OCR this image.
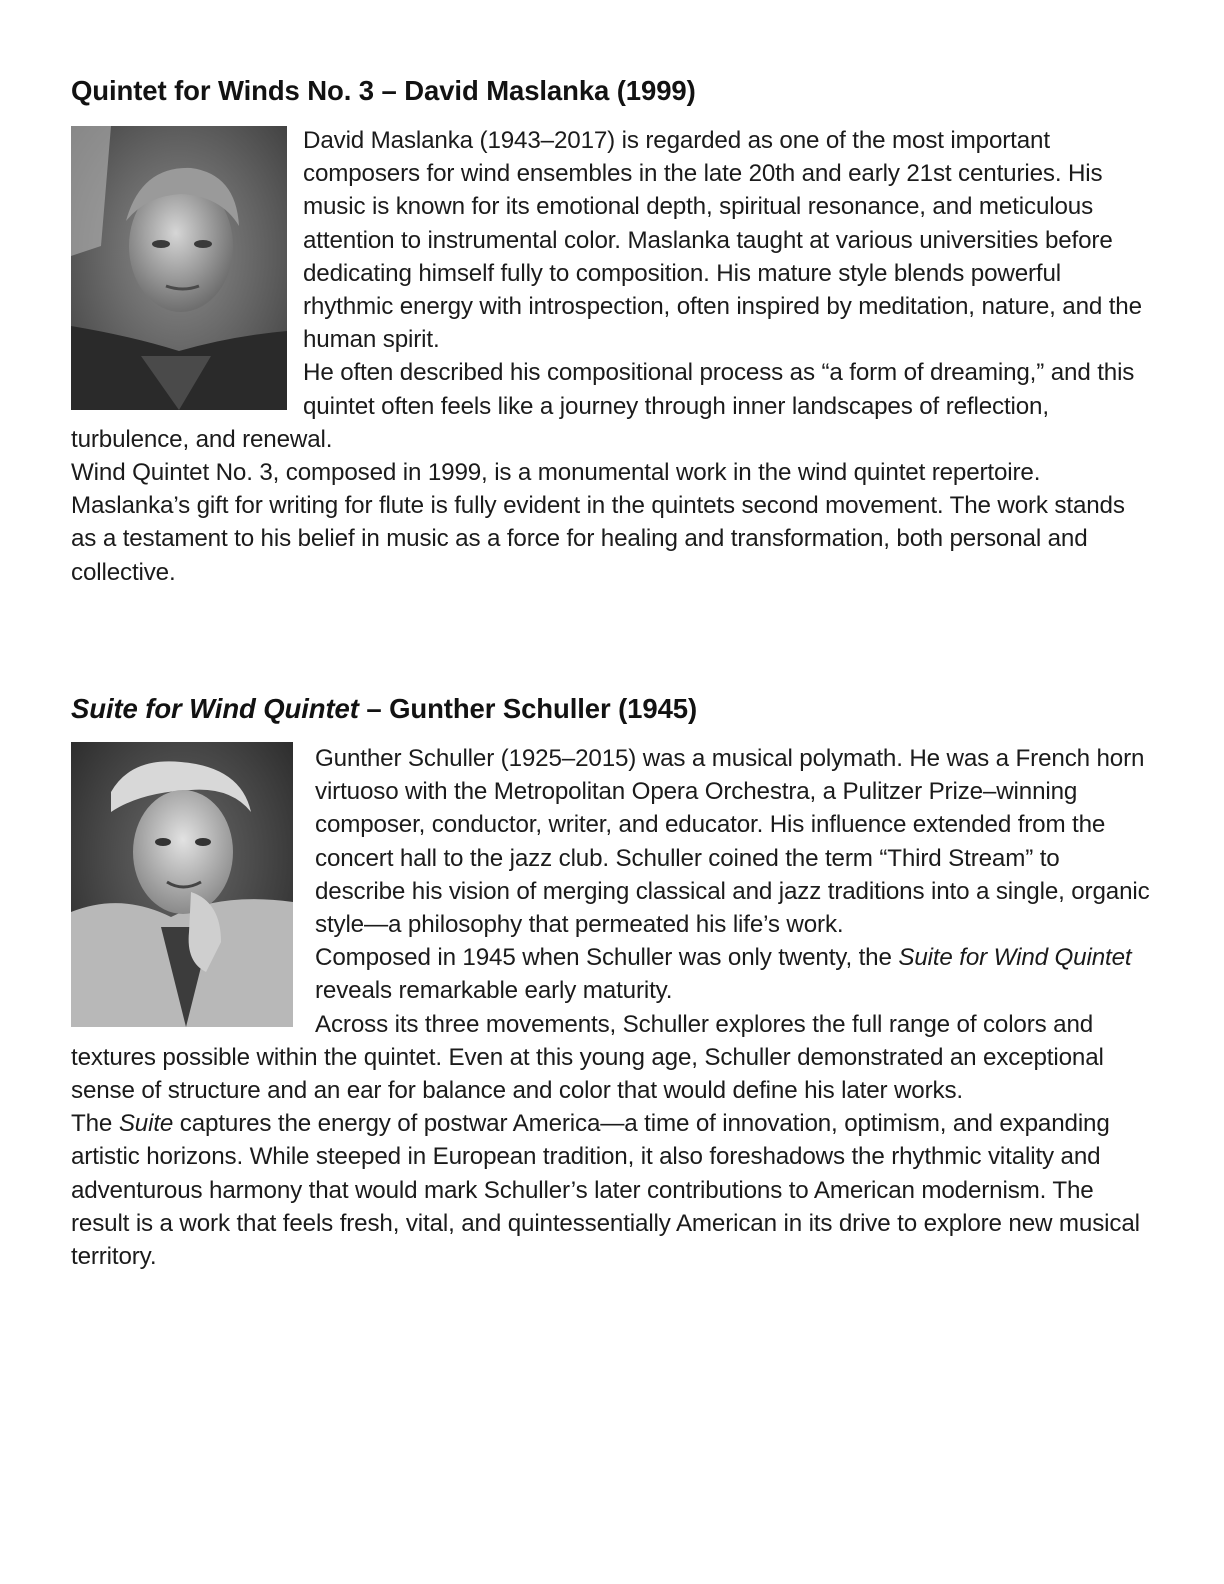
Quintet for Winds No. 3 – David Maslanka (1999)

David Maslanka (1943–2017) is regarded as one of the most important composers for wind ensembles in the late 20th and early 21st centuries. His music is known for its emotional depth, spiritual resonance, and meticulous attention to instrumental color. Maslanka taught at various universities before dedicating himself fully to composition. His mature style blends powerful rhythmic energy with introspection, often inspired by meditation, nature, and the human spirit.

He often described his compositional process as “a form of dreaming,” and this quintet often feels like a journey through inner landscapes of reflection, turbulence, and renewal.

Wind Quintet No. 3, composed in 1999, is a monumental work in the wind quintet repertoire. Maslanka’s gift for writing for flute is fully evident in the quintets second movement. The work stands as a testament to his belief in music as a force for healing and transformation, both personal and collective.

Suite for Wind Quintet – Gunther Schuller (1945)

Gunther Schuller (1925–2015) was a musical polymath. He was a French horn virtuoso with the Metropolitan Opera Orchestra, a Pulitzer Prize–winning composer, conductor, writer, and educator. His influence extended from the concert hall to the jazz club. Schuller coined the term “Third Stream” to describe his vision of merging classical and jazz traditions into a single, organic style—a philosophy that permeated his life’s work.

Composed in 1945 when Schuller was only twenty, the Suite for Wind Quintet reveals remarkable early maturity.

Across its three movements, Schuller explores the full range of colors and textures possible within the quintet. Even at this young age, Schuller demonstrated an exceptional sense of structure and an ear for balance and color that would define his later works.

The Suite captures the energy of postwar America—a time of innovation, optimism, and expanding artistic horizons. While steeped in European tradition, it also foreshadows the rhythmic vitality and adventurous harmony that would mark Schuller’s later contributions to American modernism. The result is a work that feels fresh, vital, and quintessentially American in its drive to explore new musical territory.
